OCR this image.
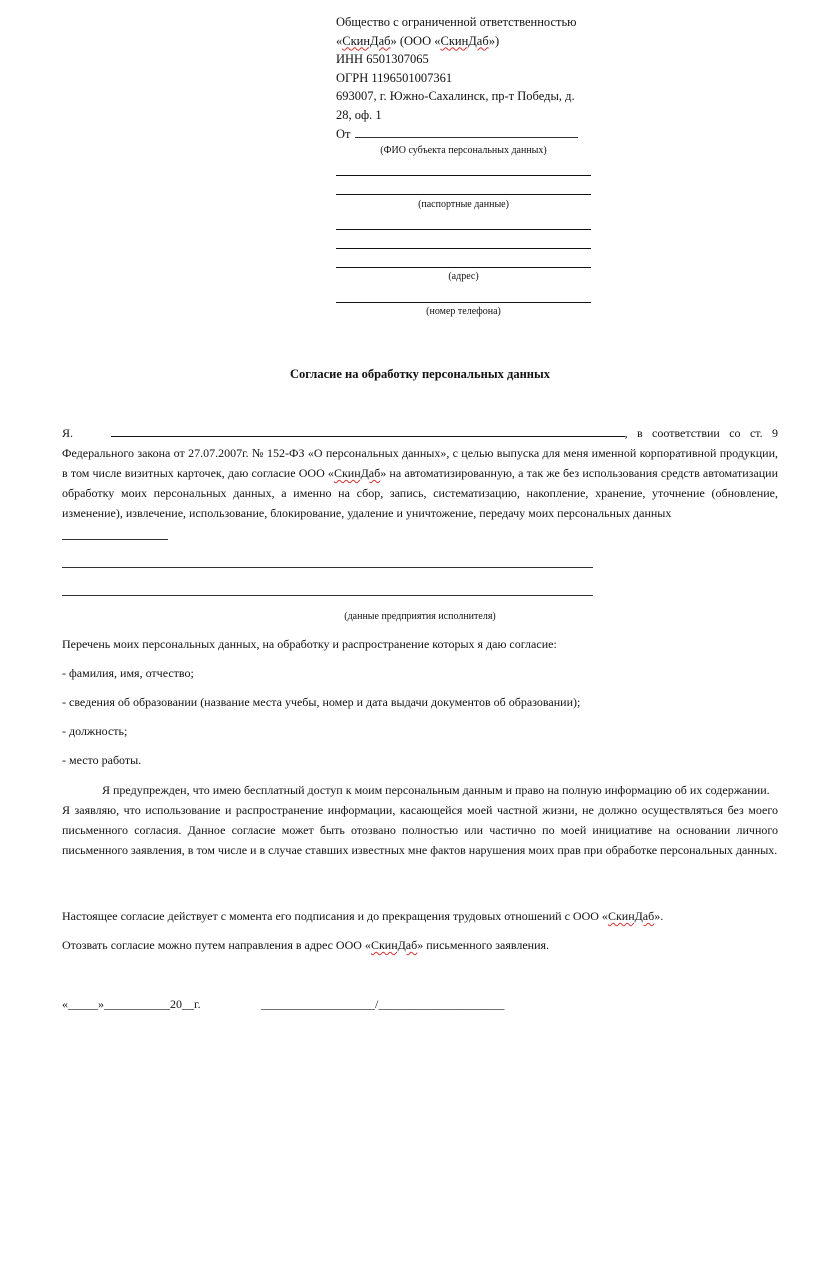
Общество с ограниченной ответственностью
«СкинДаб» (ООО «СкинДаб»)
ИНН 6501307065
ОГРН 1196501007361
693007, г. Южно-Сахалинск, пр-т Победы, д.
28, оф. 1
От
(ФИО субъекта персональных данных)
(паспортные данные)
(адрес)
(номер телефона)
Согласие на обработку персональных данных

Я.	, в соответствии со ст. 9 Федерального закона от 27.07.2007г. № 152-ФЗ «О персональных данных», с целью выпуска для меня именной корпоративной продукции, в том числе визитных карточек, даю согласие ООО «СкинДаб» на автоматизированную, а так же без использования средств автоматизации обработку моих персональных данных, а именно на сбор, запись, систематизацию, накопление, хранение, уточнение (обновление, изменение), извлечение, использование, блокирование, удаление и уничтожение, передачу моих персональных данных

(данные предприятия исполнителя)
Перечень моих персональных данных, на обработку и распространение которых я даю согласие:
- фамилия, имя, отчество;
- сведения об образовании (название места учебы, номер и дата выдачи документов об образовании);
- должность;
- место работы.

Я предупрежден, что имею бесплатный доступ к моим персональным данным и право на полную информацию об их содержании.

Я заявляю, что использование и распространение информации, касающейся моей частной жизни, не должно осуществляться без моего письменного согласия. Данное согласие может быть отозвано полностью или частично по моей инициативе на основании личного письменного заявления, в том числе и в случае ставших известных мне фактов нарушения моих прав при обработке персональных данных.

Настоящее согласие действует с момента его подписания и до прекращения трудовых отношений с ООО «СкинДаб».
Отозвать согласие можно путем направления в адрес ООО «СкинДаб» письменного заявления.
«_____»___________20__г.	___________________/_____________________
